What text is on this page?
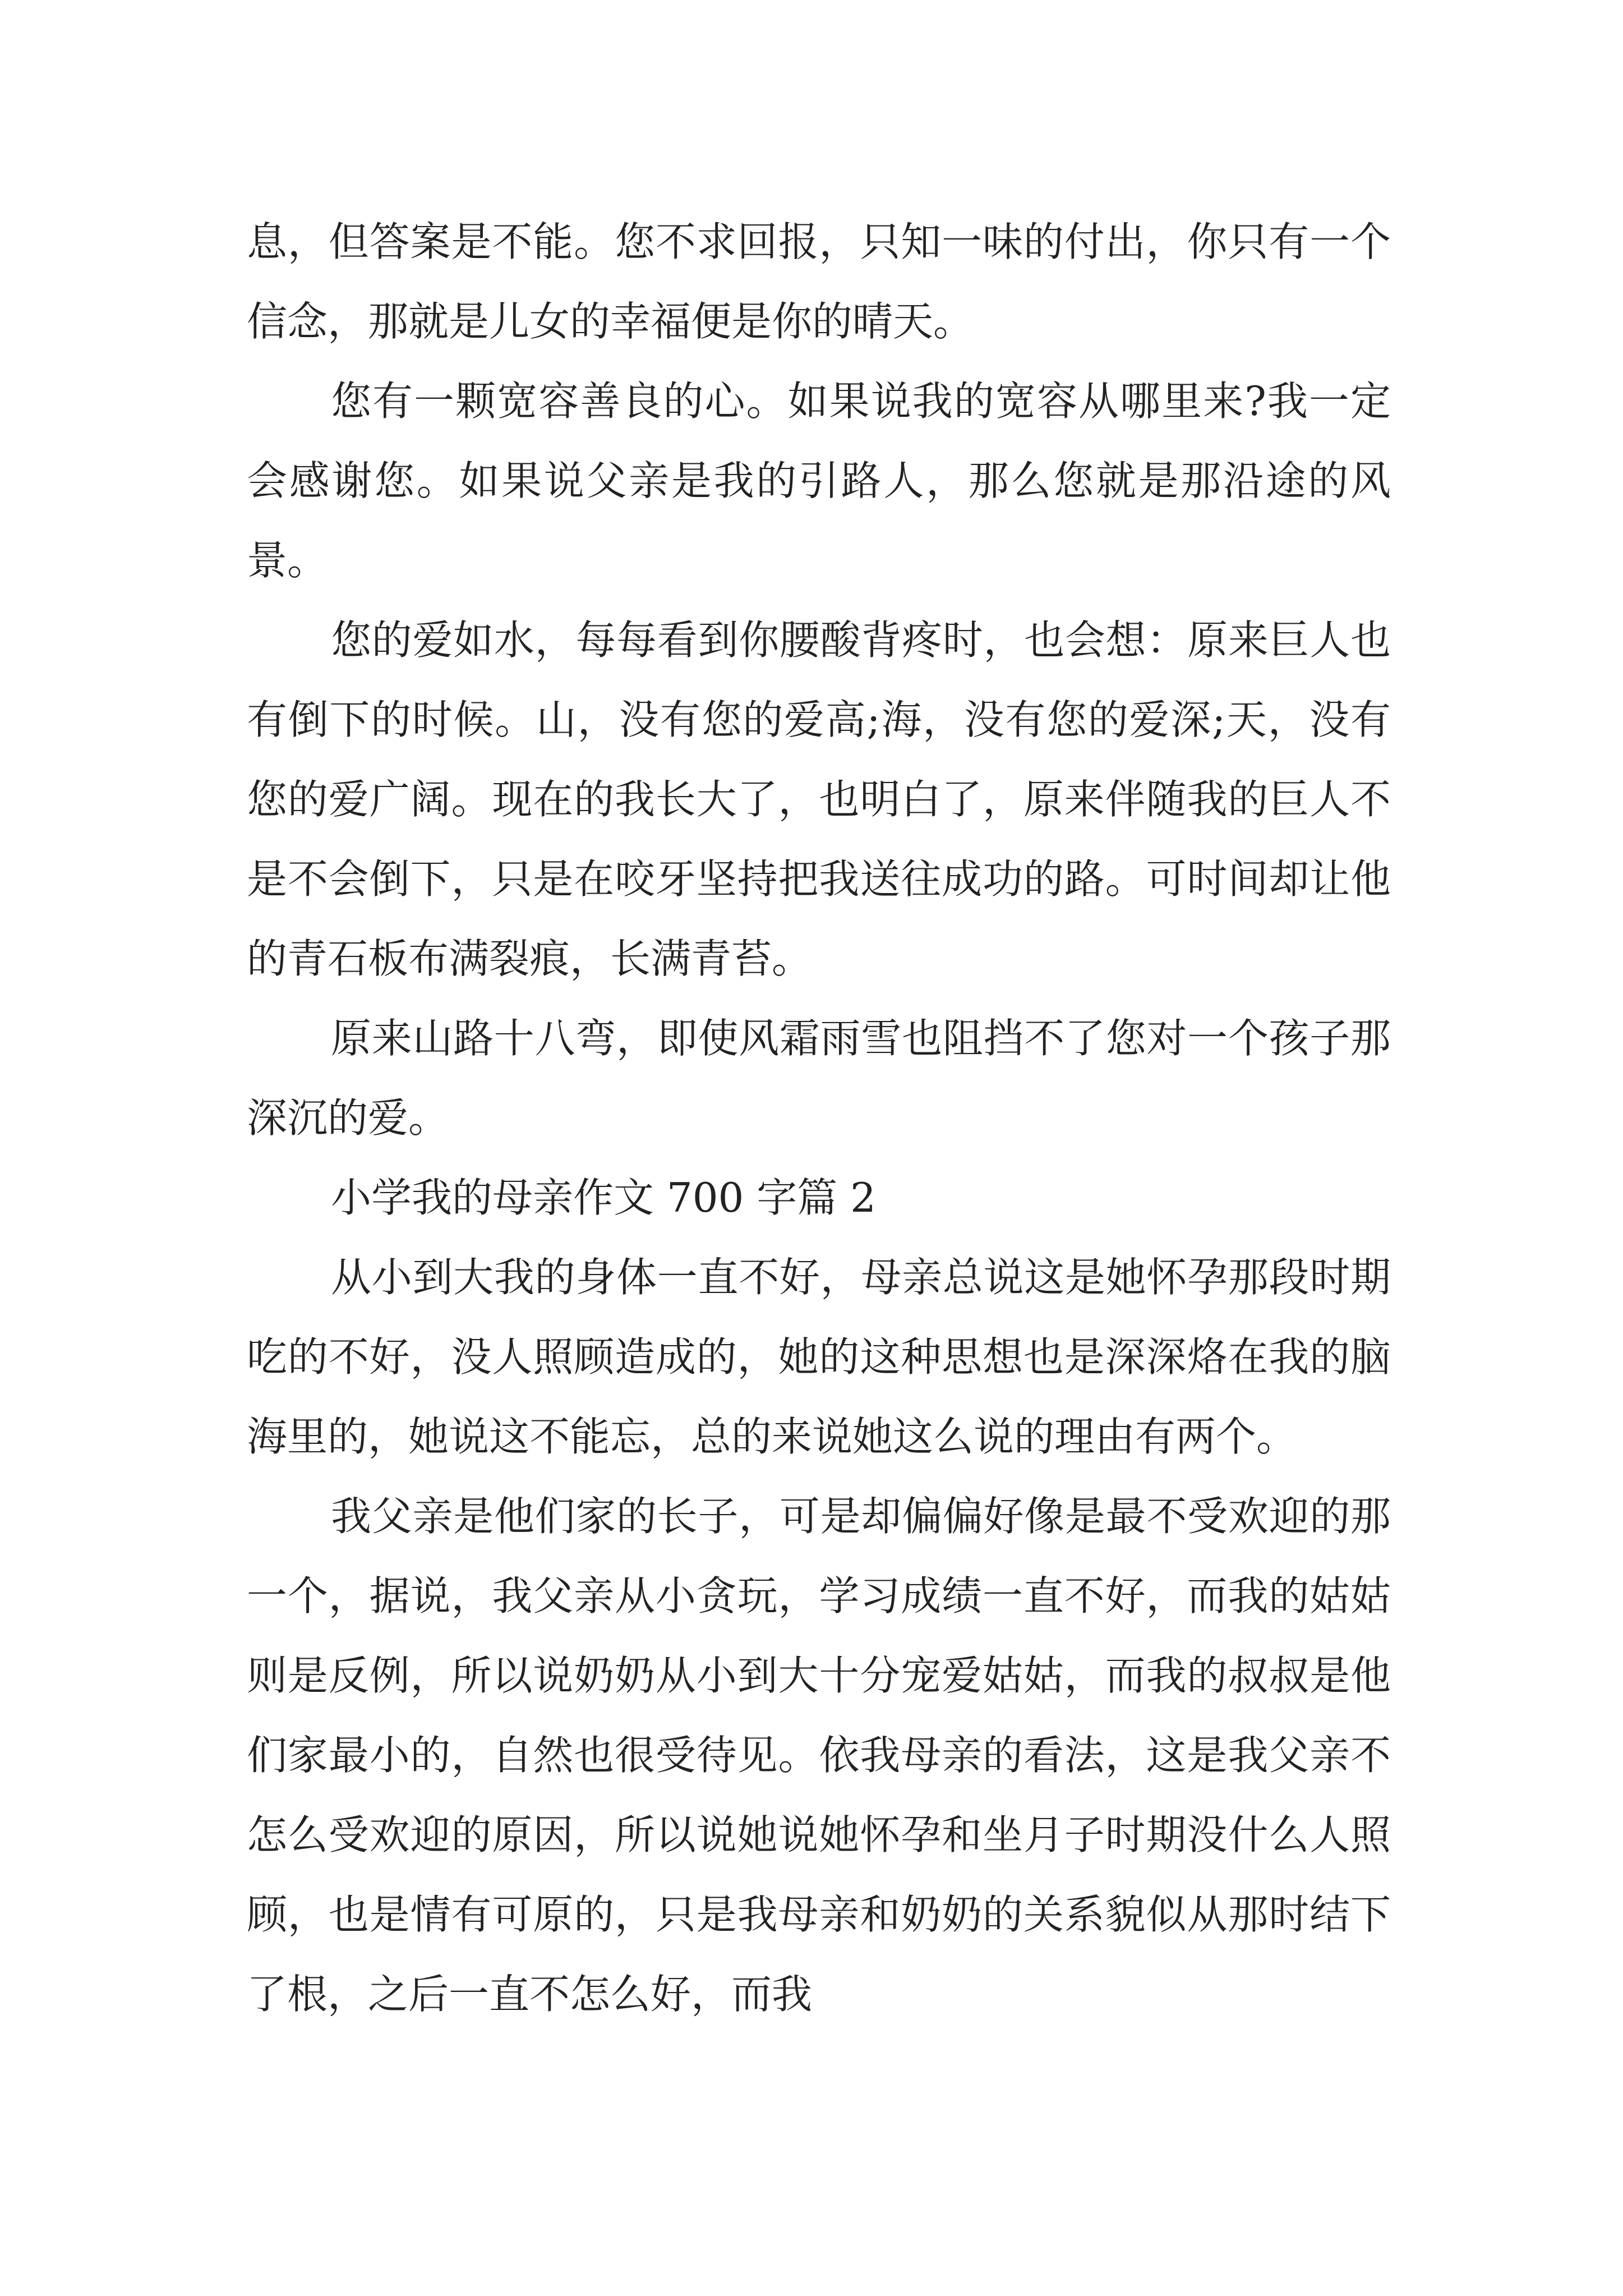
息，但答案是不能。您不求回报，只知一味的付出，你只有一个信念，那就是儿女的幸福便是你的晴天。

您有一颗宽容善良的心。如果说我的宽容从哪里来?我一定会感谢您。如果说父亲是我的引路人，那么您就是那沿途的风景。

您的爱如水，每每看到你腰酸背疼时，也会想：原来巨人也有倒下的时候。山，没有您的爱高;海，没有您的爱深;天，没有您的爱广阔。现在的我长大了，也明白了，原来伴随我的巨人不是不会倒下，只是在咬牙坚持把我送往成功的路。可时间却让他的青石板布满裂痕，长满青苔。

原来山路十八弯，即使风霜雨雪也阻挡不了您对一个孩子那深沉的爱。

小学我的母亲作文 700 字篇 2

从小到大我的身体一直不好，母亲总说这是她怀孕那段时期吃的不好，没人照顾造成的，她的这种思想也是深深烙在我的脑海里的，她说这不能忘，总的来说她这么说的理由有两个。

我父亲是他们家的长子，可是却偏偏好像是最不受欢迎的那一个，据说，我父亲从小贪玩，学习成绩一直不好，而我的姑姑则是反例，所以说奶奶从小到大十分宠爱姑姑，而我的叔叔是他们家最小的，自然也很受待见。依我母亲的看法，这是我父亲不怎么受欢迎的原因，所以说她说她怀孕和坐月子时期没什么人照顾，也是情有可原的，只是我母亲和奶奶的关系貌似从那时结下了根，之后一直不怎么好，而我
